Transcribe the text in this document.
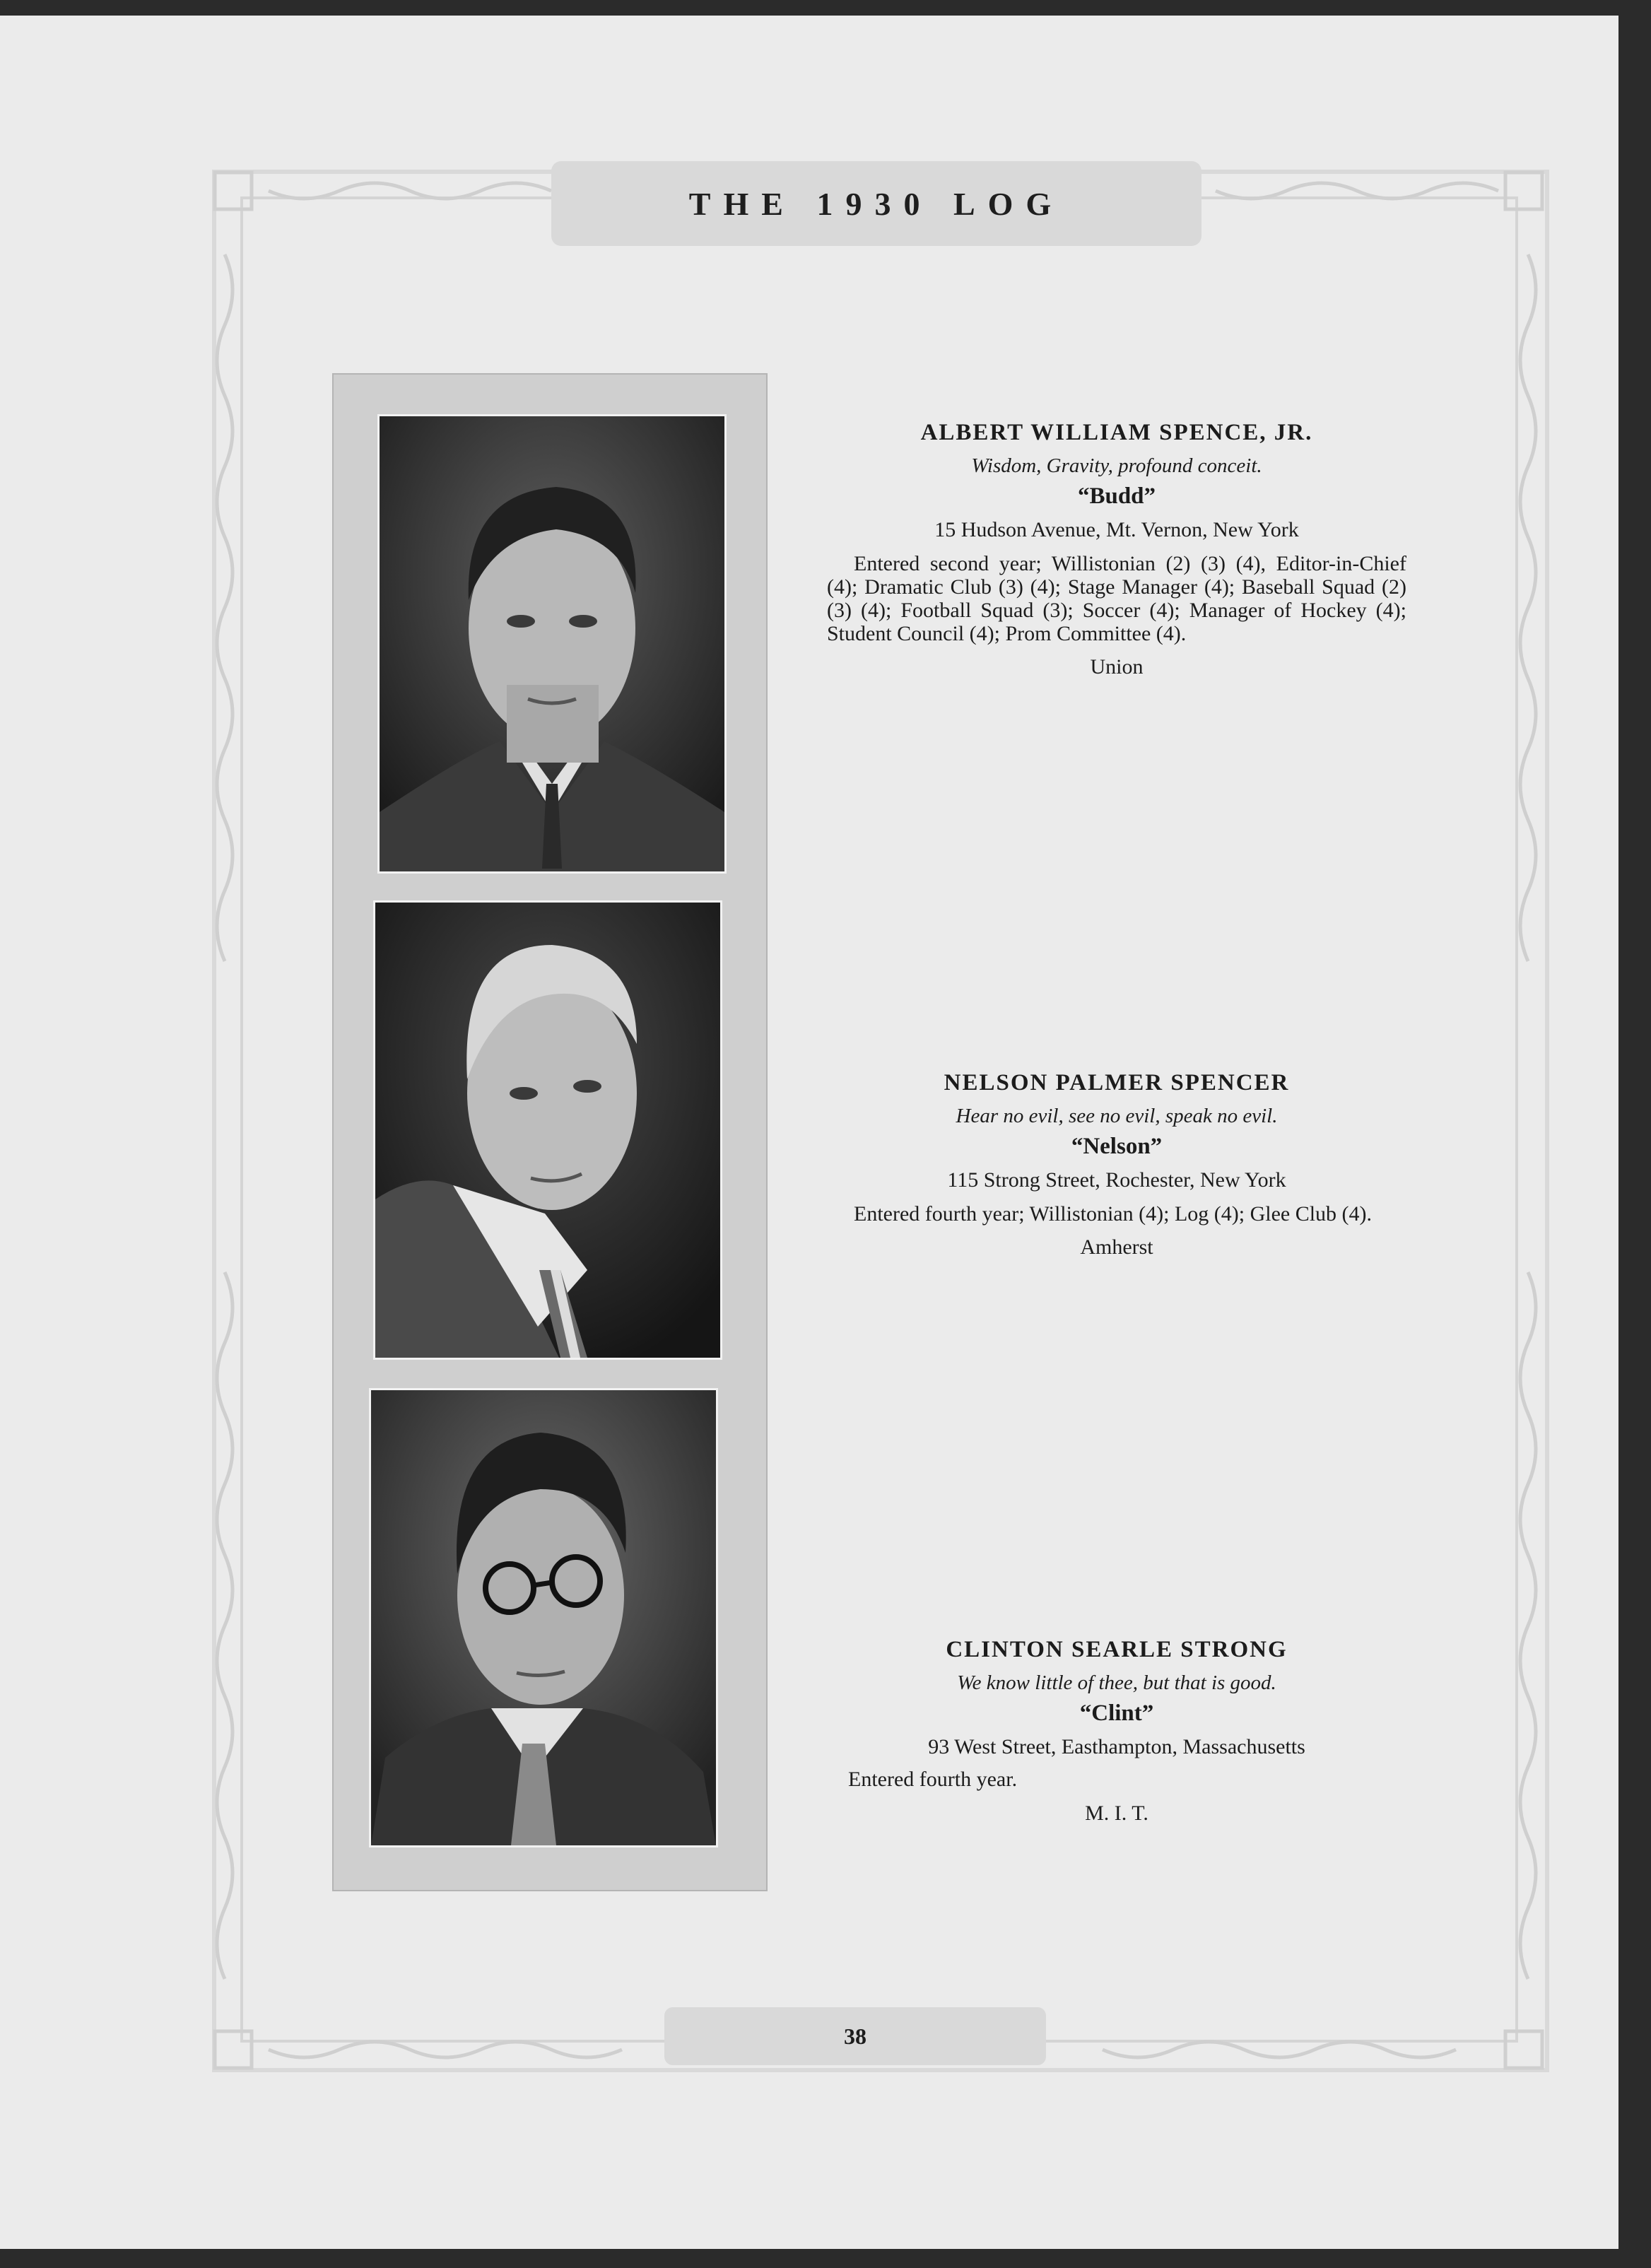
THE 1930 LOG
38
ALBERT WILLIAM SPENCE, JR.
Wisdom, Gravity, profound conceit.
“Budd”
15 Hudson Avenue, Mt. Vernon, New York
Entered second year; Willistonian (2) (3) (4), Editor-in-Chief (4); Dramatic Club (3) (4); Stage Manager (4); Baseball Squad (2) (3) (4); Football Squad (3); Soccer (4); Manager of Hockey (4); Student Council (4); Prom Committee (4).
Union
NELSON PALMER SPENCER
Hear no evil, see no evil, speak no evil.
“Nelson”
115 Strong Street, Rochester, New York
Entered fourth year; Willistonian (4); Log (4); Glee Club (4).
Amherst
CLINTON SEARLE STRONG
We know little of thee, but that is good.
“Clint”
93 West Street, Easthampton, Massachusetts
Entered fourth year.
M. I. T.
